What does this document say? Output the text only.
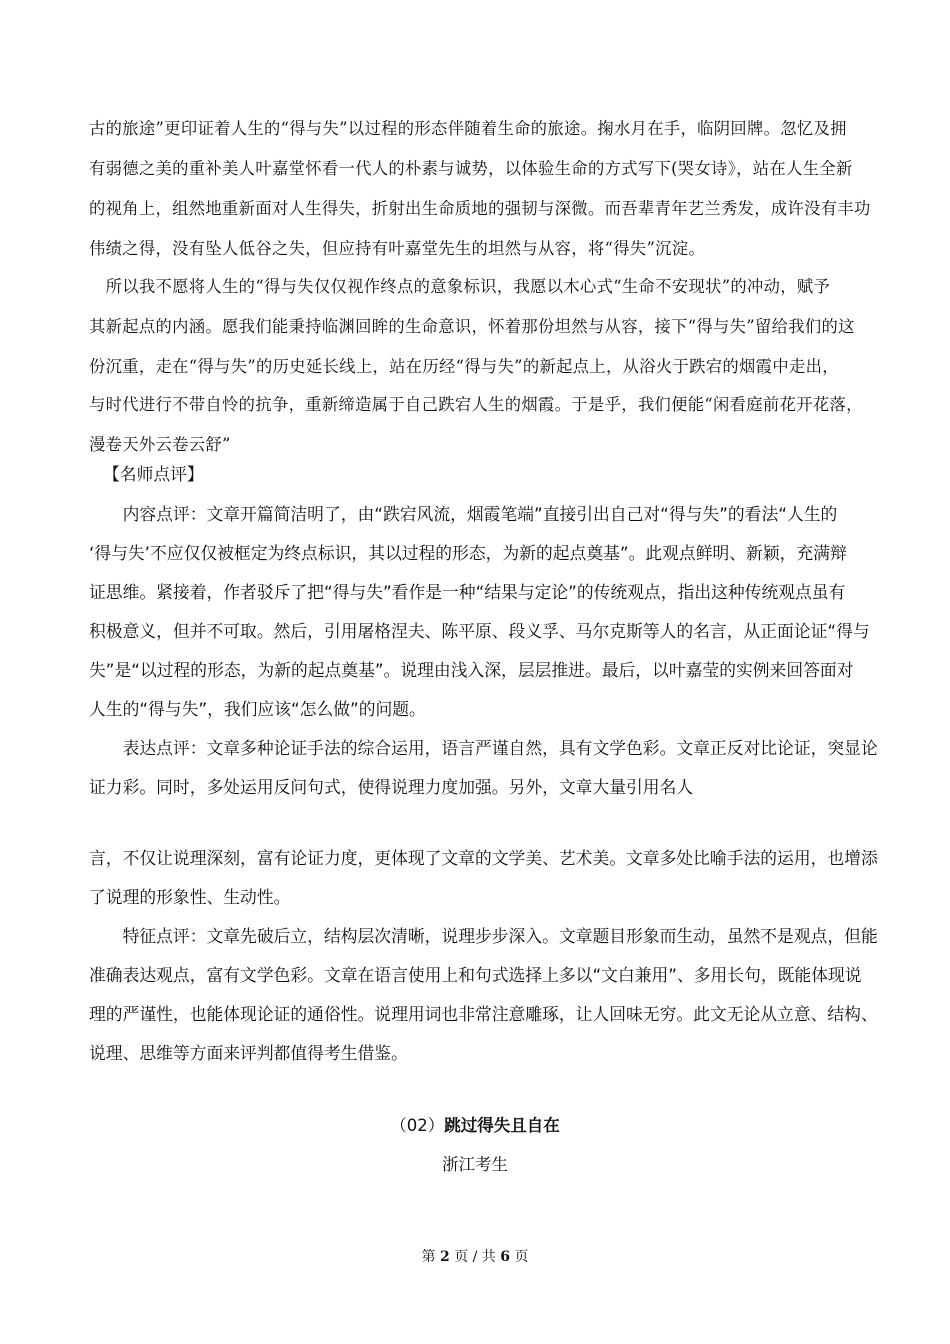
古的旅途”更印证着人生的“得与失”以过程的形态伴随着生命的旅途。掬水月在手，临阴回牌。忽忆及拥
有弱德之美的重补美人叶嘉堂怀看一代人的朴素与诚势，以体验生命的方式写下(哭女诗》，站在人生全新
的视角上，组然地重新面对人生得失，折射出生命质地的强韧与深微。而吾辈青年艺兰秀发，成许没有丰功
伟绩之得，没有坠人低谷之失，但应持有叶嘉堂先生的坦然与从容，将“得失”沉淀。
　所以我不愿将人生的“得与失仅仅视作终点的意象标识，我愿以木心式“生命不安现状”的冲动，赋予
其新起点的内涵。愿我们能秉持临渊回眸的生命意识，怀着那份坦然与从容，接下“得与失”留给我们的这
份沉重，走在“得与失”的历史延长线上，站在历经“得与失”的新起点上，从浴火于跌宕的烟霞中走出，
与时代进行不带自怜的抗争，重新缔造属于自己跌宕人生的烟霞。于是乎，我们便能“闲看庭前花开花落，
漫卷天外云卷云舒”
【名师点评】
　　内容点评：文章开篇简洁明了，由“跌宕风流，烟霞笔端”直接引出自己对“得与失”的看法“人生的
‘得与失’不应仅仅被框定为终点标识，其以过程的形态，为新的起点奠基”。此观点鲜明、新颖，充满辩
证思维。紧接着，作者驳斥了把“得与失”看作是一种“结果与定论”的传统观点，指出这种传统观点虽有
积极意义，但并不可取。然后，引用屠格涅夫、陈平原、段义孚、马尔克斯等人的名言，从正面论证“得与
失”是“以过程的形态，为新的起点奠基”。说理由浅入深，层层推进。最后，以叶嘉莹的实例来回答面对
人生的“得与失”，我们应该“怎么做”的问题。
　　表达点评：文章多种论证手法的综合运用，语言严谨自然，具有文学色彩。文章正反对比论证，突显论
证力彩。同时，多处运用反问句式，使得说理力度加强。另外，文章大量引用名人
言，不仅让说理深刻，富有论证力度，更体现了文章的文学美、艺术美。文章多处比喻手法的运用，也增添
了说理的形象性、生动性。
　　特征点评：文章先破后立，结构层次清晰，说理步步深入。文章题目形象而生动，虽然不是观点，但能
准确表达观点，富有文学色彩。文章在语言使用上和句式选择上多以“文白兼用”、多用长句，既能体现说
理的严谨性，也能体现论证的通俗性。说理用词也非常注意雕琢，让人回味无穷。此文无论从立意、结构、
说理、思维等方面来评判都值得考生借鉴。
（02）跳过得失且自在
浙江考生
第 2 页 / 共 6 页
